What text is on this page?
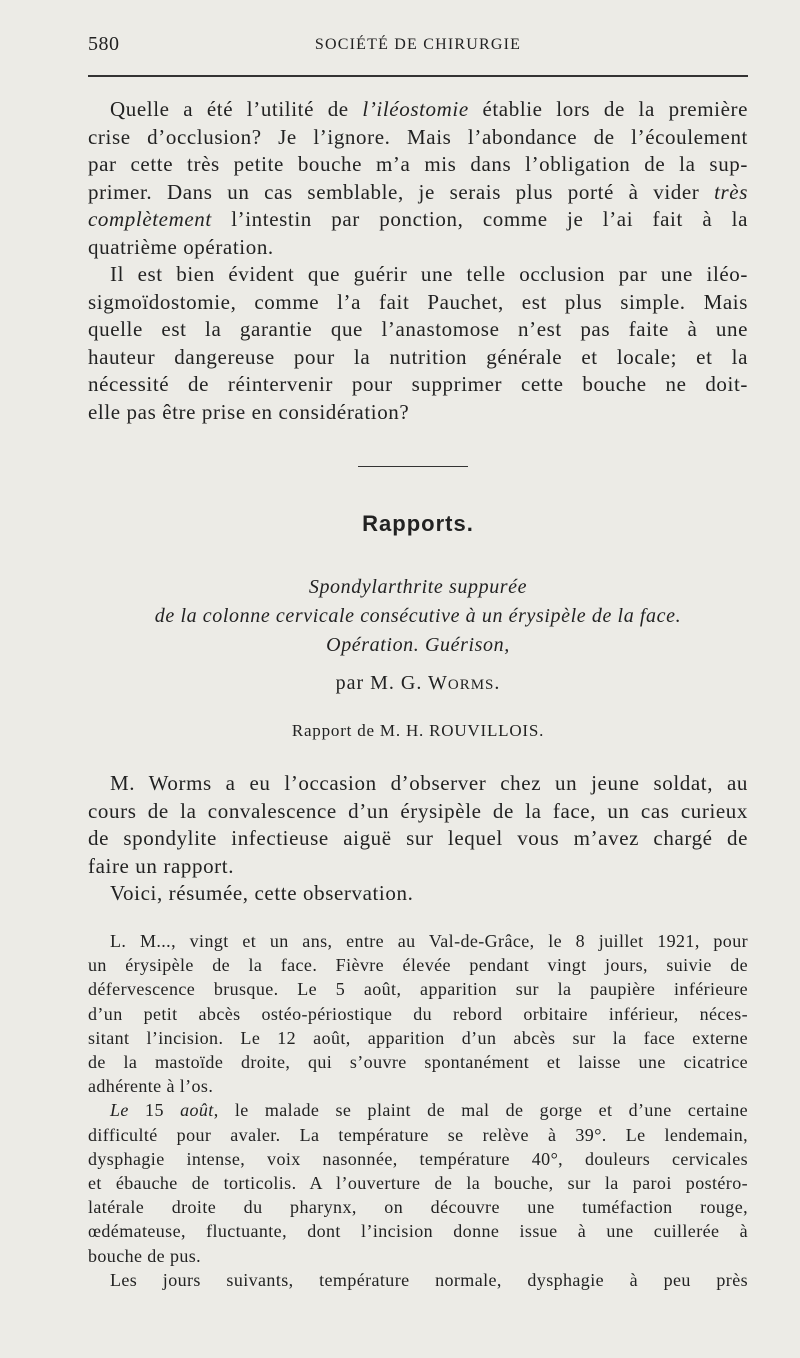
580	SOCIÉTÉ DE CHIRURGIE
Quelle a été l’utilité de l’iléostomie établie lors de la première
crise d’occlusion? Je l’ignore. Mais l’abondance de l’écoulement
par cette très petite bouche m’a mis dans l’obligation de la sup-
primer. Dans un cas semblable, je serais plus porté à vider très
complètement l’intestin par ponction, comme je l’ai fait à la
quatrième opération.
Il est bien évident que guérir une telle occlusion par une iléo-
sigmoïdostomie, comme l’a fait Pauchet, est plus simple. Mais
quelle est la garantie que l’anastomose n’est pas faite à une
hauteur dangereuse pour la nutrition générale et locale; et la
nécessité de réintervenir pour supprimer cette bouche ne doit-
elle pas être prise en considération?
Rapports.
Spondylarthrite suppurée
de la colonne cervicale consécutive à un érysipèle de la face.
Opération. Guérison,
par M. G. WORMS.
Rapport de M. H. ROUVILLOIS.
M. Worms a eu l’occasion d’observer chez un jeune soldat, au
cours de la convalescence d’un érysipèle de la face, un cas curieux
de spondylite infectieuse aiguë sur lequel vous m’avez chargé de
faire un rapport.
Voici, résumée, cette observation.
L. M..., vingt et un ans, entre au Val-de-Grâce, le 8 juillet 1921, pour
un érysipèle de la face. Fièvre élevée pendant vingt jours, suivie de
défervescence brusque. Le 5 août, apparition sur la paupière inférieure
d’un petit abcès ostéo-périostique du rebord orbitaire inférieur, néces-
sitant l’incision. Le 12 août, apparition d’un abcès sur la face externe
de la mastoïde droite, qui s’ouvre spontanément et laisse une cicatrice
adhérente à l’os.
Le 15 août, le malade se plaint de mal de gorge et d’une certaine
difficulté pour avaler. La température se relève à 39°. Le lendemain,
dysphagie intense, voix nasonnée, température 40°, douleurs cervicales
et ébauche de torticolis. A l’ouverture de la bouche, sur la paroi postéro-
latérale droite du pharynx, on découvre une tuméfaction rouge,
œdémateuse, fluctuante, dont l’incision donne issue à une cuillerée à
bouche de pus.
Les jours suivants, température normale, dysphagie à peu près
